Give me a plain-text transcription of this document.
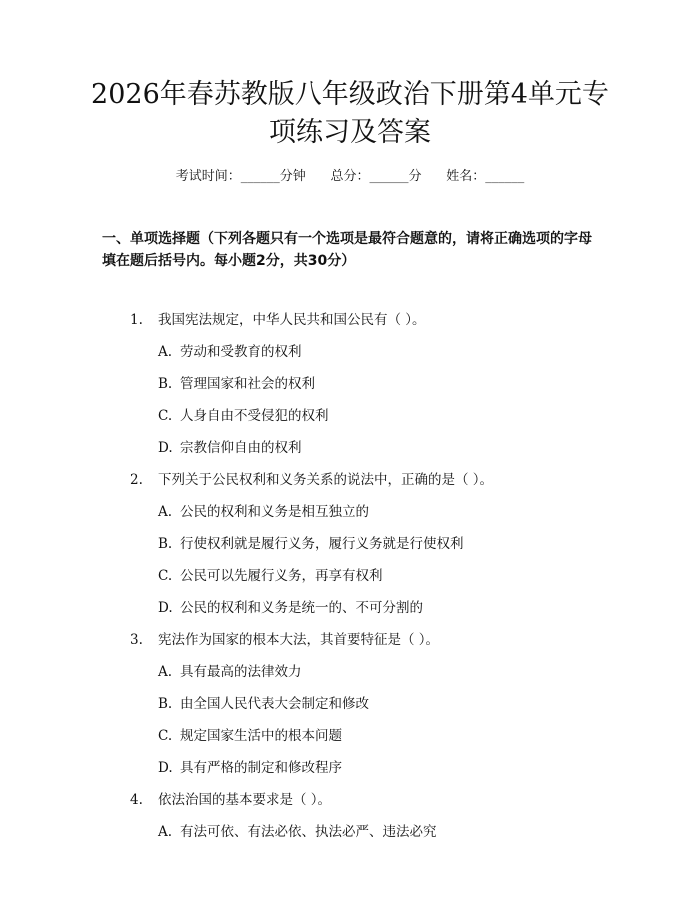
2026年春苏教版八年级政治下册第4单元专项练习及答案
考试时间：______分钟      总分：______分      姓名：______

一、单项选择题（下列各题只有一个选项是最符合题意的，请将正确选项的字母填在题后括号内。每小题2分，共30分）

1. 我国宪法规定，中华人民共和国公民有（ ）。
A. 劳动和受教育的权利
B. 管理国家和社会的权利
C. 人身自由不受侵犯的权利
D. 宗教信仰自由的权利
2. 下列关于公民权利和义务关系的说法中，正确的是（ ）。
A. 公民的权利和义务是相互独立的
B. 行使权利就是履行义务，履行义务就是行使权利
C. 公民可以先履行义务，再享有权利
D. 公民的权利和义务是统一的、不可分割的
3. 宪法作为国家的根本大法，其首要特征是（ ）。
A. 具有最高的法律效力
B. 由全国人民代表大会制定和修改
C. 规定国家生活中的根本问题
D. 具有严格的制定和修改程序
4. 依法治国的基本要求是（ ）。
A. 有法可依、有法必依、执法必严、违法必究
